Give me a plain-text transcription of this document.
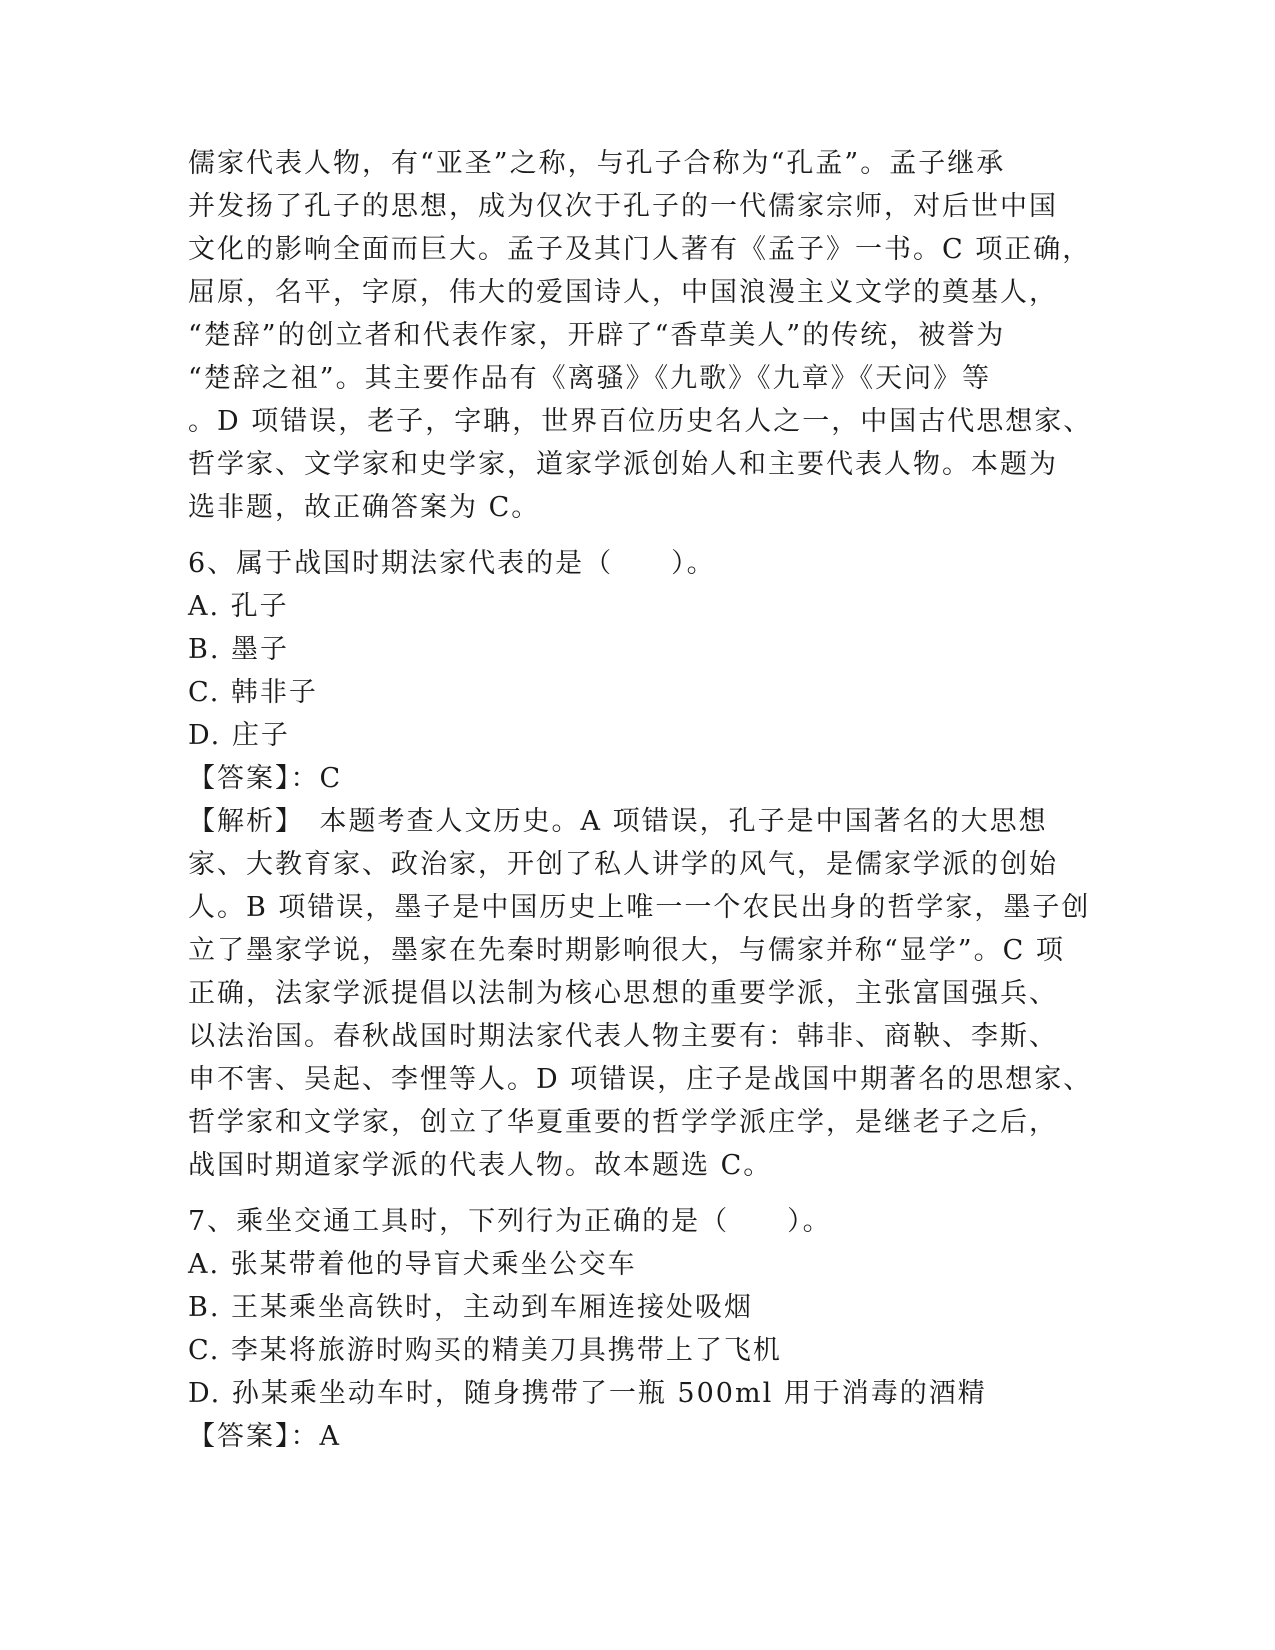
儒家代表人物，有“亚圣”之称，与孔子合称为“孔孟”。孟子继承
并发扬了孔子的思想，成为仅次于孔子的一代儒家宗师，对后世中国
文化的影响全面而巨大。孟子及其门人著有《孟子》一书。C 项正确，
屈原，名平，字原，伟大的爱国诗人，中国浪漫主义文学的奠基人，
“楚辞”的创立者和代表作家，开辟了“香草美人”的传统，被誉为
“楚辞之祖”。其主要作品有《离骚》《九歌》《九章》《天问》等
。D 项错误，老子，字聃，世界百位历史名人之一，中国古代思想家、
哲学家、文学家和史学家，道家学派创始人和主要代表人物。本题为
选非题，故正确答案为 C。
6、属于战国时期法家代表的是（　　）。
A. 孔子
B. 墨子
C. 韩非子
D. 庄子
【答案】：C
【解析】　本题考查人文历史。A 项错误，孔子是中国著名的大思想
家、大教育家、政治家，开创了私人讲学的风气，是儒家学派的创始
人。B 项错误，墨子是中国历史上唯一一个农民出身的哲学家，墨子创
立了墨家学说，墨家在先秦时期影响很大，与儒家并称“显学”。C 项
正确，法家学派提倡以法制为核心思想的重要学派，主张富国强兵、
以法治国。春秋战国时期法家代表人物主要有：韩非、商鞅、李斯、
申不害、吴起、李悝等人。D 项错误，庄子是战国中期著名的思想家、
哲学家和文学家，创立了华夏重要的哲学学派庄学，是继老子之后，
战国时期道家学派的代表人物。故本题选 C。
7、乘坐交通工具时，下列行为正确的是（　　）。
A. 张某带着他的导盲犬乘坐公交车
B. 王某乘坐高铁时，主动到车厢连接处吸烟
C. 李某将旅游时购买的精美刀具携带上了飞机
D. 孙某乘坐动车时，随身携带了一瓶 500ml 用于消毒的酒精
【答案】：A
